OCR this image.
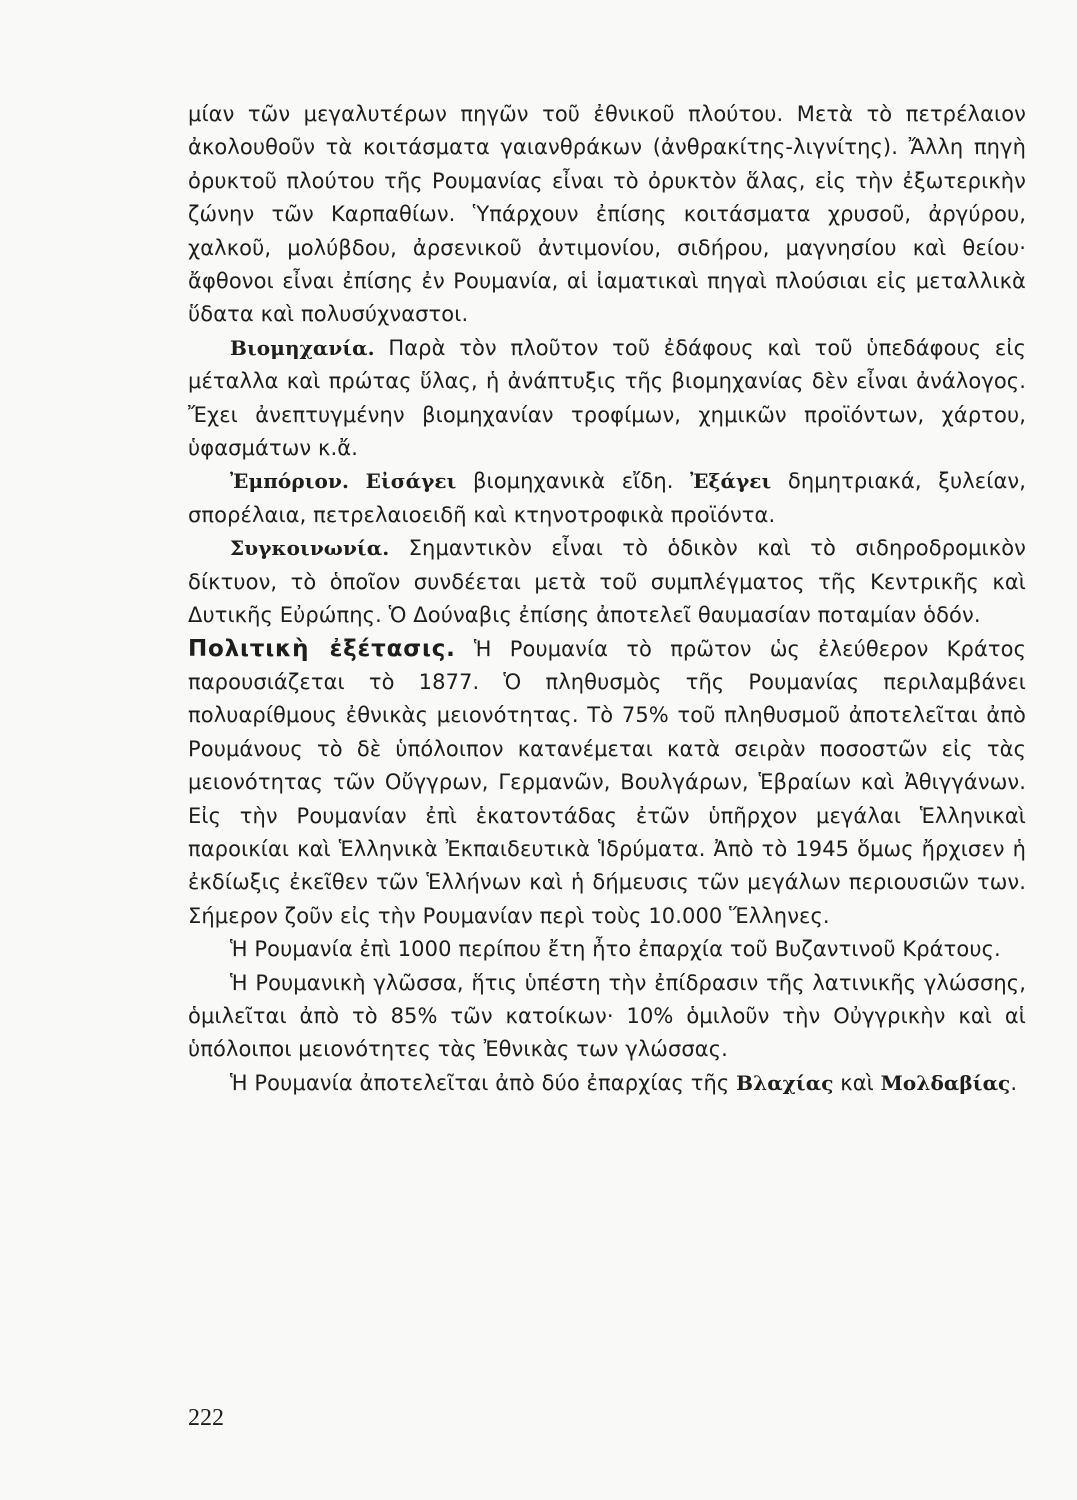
μίαν τῶν μεγαλυτέρων πηγῶν τοῦ ἐθνικοῦ πλούτου. Μετὰ τὸ πετρέλαιον ἀκολουθοῦν τὰ κοιτάσματα γαιανθράκων (ἀνθρακίτης-λιγνίτης). Ἄλλη πηγὴ ὀρυκτοῦ πλούτου τῆς Ρουμανίας εἶναι τὸ ὀρυκτὸν ἅλας, εἰς τὴν ἐξωτερικὴν ζώνην τῶν Καρπαθίων. Ὑπάρχουν ἐπίσης κοιτάσματα χρυσοῦ, ἀργύρου, χαλκοῦ, μολύβδου, ἀρσενικοῦ ἀντιμονίου, σιδήρου, μαγνησίου καὶ θείου· ἄφθονοι εἶναι ἐπίσης ἐν Ρουμανία, αἱ ἰαματικαὶ πηγαὶ πλούσιαι εἰς μεταλλικὰ ὕδατα καὶ πολυσύχναστοι.

Βιομηχανία. Παρὰ τὸν πλοῦτον τοῦ ἐδάφους καὶ τοῦ ὑπεδάφους εἰς μέταλλα καὶ πρώτας ὕλας, ἡ ἀνάπτυξις τῆς βιομηχανίας δὲν εἶναι ἀνάλογος. Ἔχει ἀνεπτυγμένην βιομηχανίαν τροφίμων, χημικῶν προϊόντων, χάρτου, ὑφασμάτων κ.ἄ.

Ἐμπόριον. Εἰσάγει βιομηχανικὰ εἴδη. Ἐξάγει δημητριακά, ξυλείαν, σπορέλαια, πετρελαιοειδῆ καὶ κτηνοτροφικὰ προϊόντα.

Συγκοινωνία. Σημαντικὸν εἶναι τὸ ὁδικὸν καὶ τὸ σιδηροδρομικὸν δίκτυον, τὸ ὁποῖον συνδέεται μετὰ τοῦ συμπλέγματος τῆς Κεντρικῆς καὶ Δυτικῆς Εὐρώπης. Ὁ Δούναβις ἐπίσης ἀποτελεῖ θαυμασίαν ποταμίαν ὁδόν.

Πολιτικὴ ἐξέτασις. Ἡ Ρουμανία τὸ πρῶτον ὡς ἐλεύθερον Κράτος παρουσιάζεται τὸ 1877. Ὁ πληθυσμὸς τῆς Ρουμανίας περιλαμβάνει πολυαρίθμους ἐθνικὰς μειονότητας. Τὸ 75% τοῦ πληθυσμοῦ ἀποτελεῖται ἀπὸ Ρουμάνους τὸ δὲ ὑπόλοιπον κατανέμεται κατὰ σειρὰν ποσοστῶν εἰς τὰς μειονότητας τῶν Οὔγγρων, Γερμανῶν, Βουλγάρων, Ἑβραίων καὶ Ἀθιγγάνων. Εἰς τὴν Ρουμανίαν ἐπὶ ἑκατοντάδας ἐτῶν ὑπῆρχον μεγάλαι Ἑλληνικαὶ παροικίαι καὶ Ἑλληνικὰ Ἐκπαιδευτικὰ Ἱδρύματα. Ἀπὸ τὸ 1945 ὅμως ἤρχισεν ἡ ἐκδίωξις ἐκεῖθεν τῶν Ἑλλήνων καὶ ἡ δήμευσις τῶν μεγάλων περιουσιῶν των. Σήμερον ζοῦν εἰς τὴν Ρουμανίαν περὶ τοὺς 10.000 Ἕλληνες.

Ἡ Ρουμανία ἐπὶ 1000 περίπου ἔτη ἦτο ἐπαρχία τοῦ Βυζαντινοῦ Κράτους.

Ἡ Ρουμανικὴ γλῶσσα, ἥτις ὑπέστη τὴν ἐπίδρασιν τῆς λατινικῆς γλώσσης, ὁμιλεῖται ἀπὸ τὸ 85% τῶν κατοίκων· 10% ὁμιλοῦν τὴν Οὐγγρικὴν καὶ αἱ ὑπόλοιποι μειονότητες τὰς Ἐθνικὰς των γλώσσας.

Ἡ Ρουμανία ἀποτελεῖται ἀπὸ δύο ἐπαρχίας τῆς Βλαχίας καὶ Μολδαβίας.

222
